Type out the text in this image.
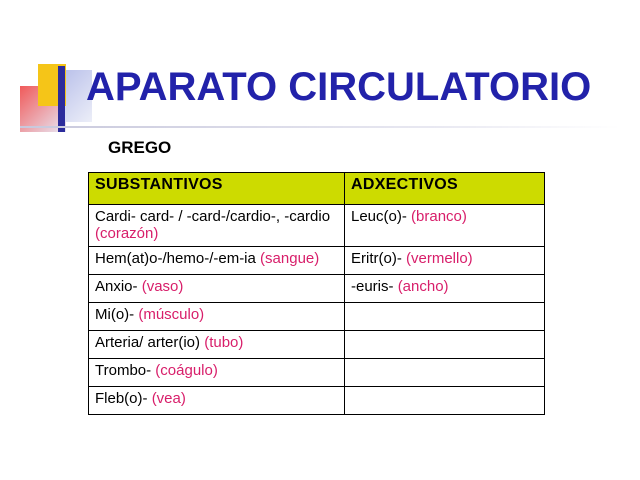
APARATO CIRCULATORIO
GREGO
SUBSTANTIVOS	ADXECTIVOS
Cardi- card- / -card-/cardio-, -cardio (corazón)	Leuc(o)- (branco)
Hem(at)o-/hemo-/-em-ia (sangue)	Eritr(o)- (vermello)
Anxio- (vaso)	-euris- (ancho)
Mi(o)- (músculo)	
Arteria/ arter(io) (tubo)	
Trombo- (coágulo)	
Fleb(o)- (vea)	
